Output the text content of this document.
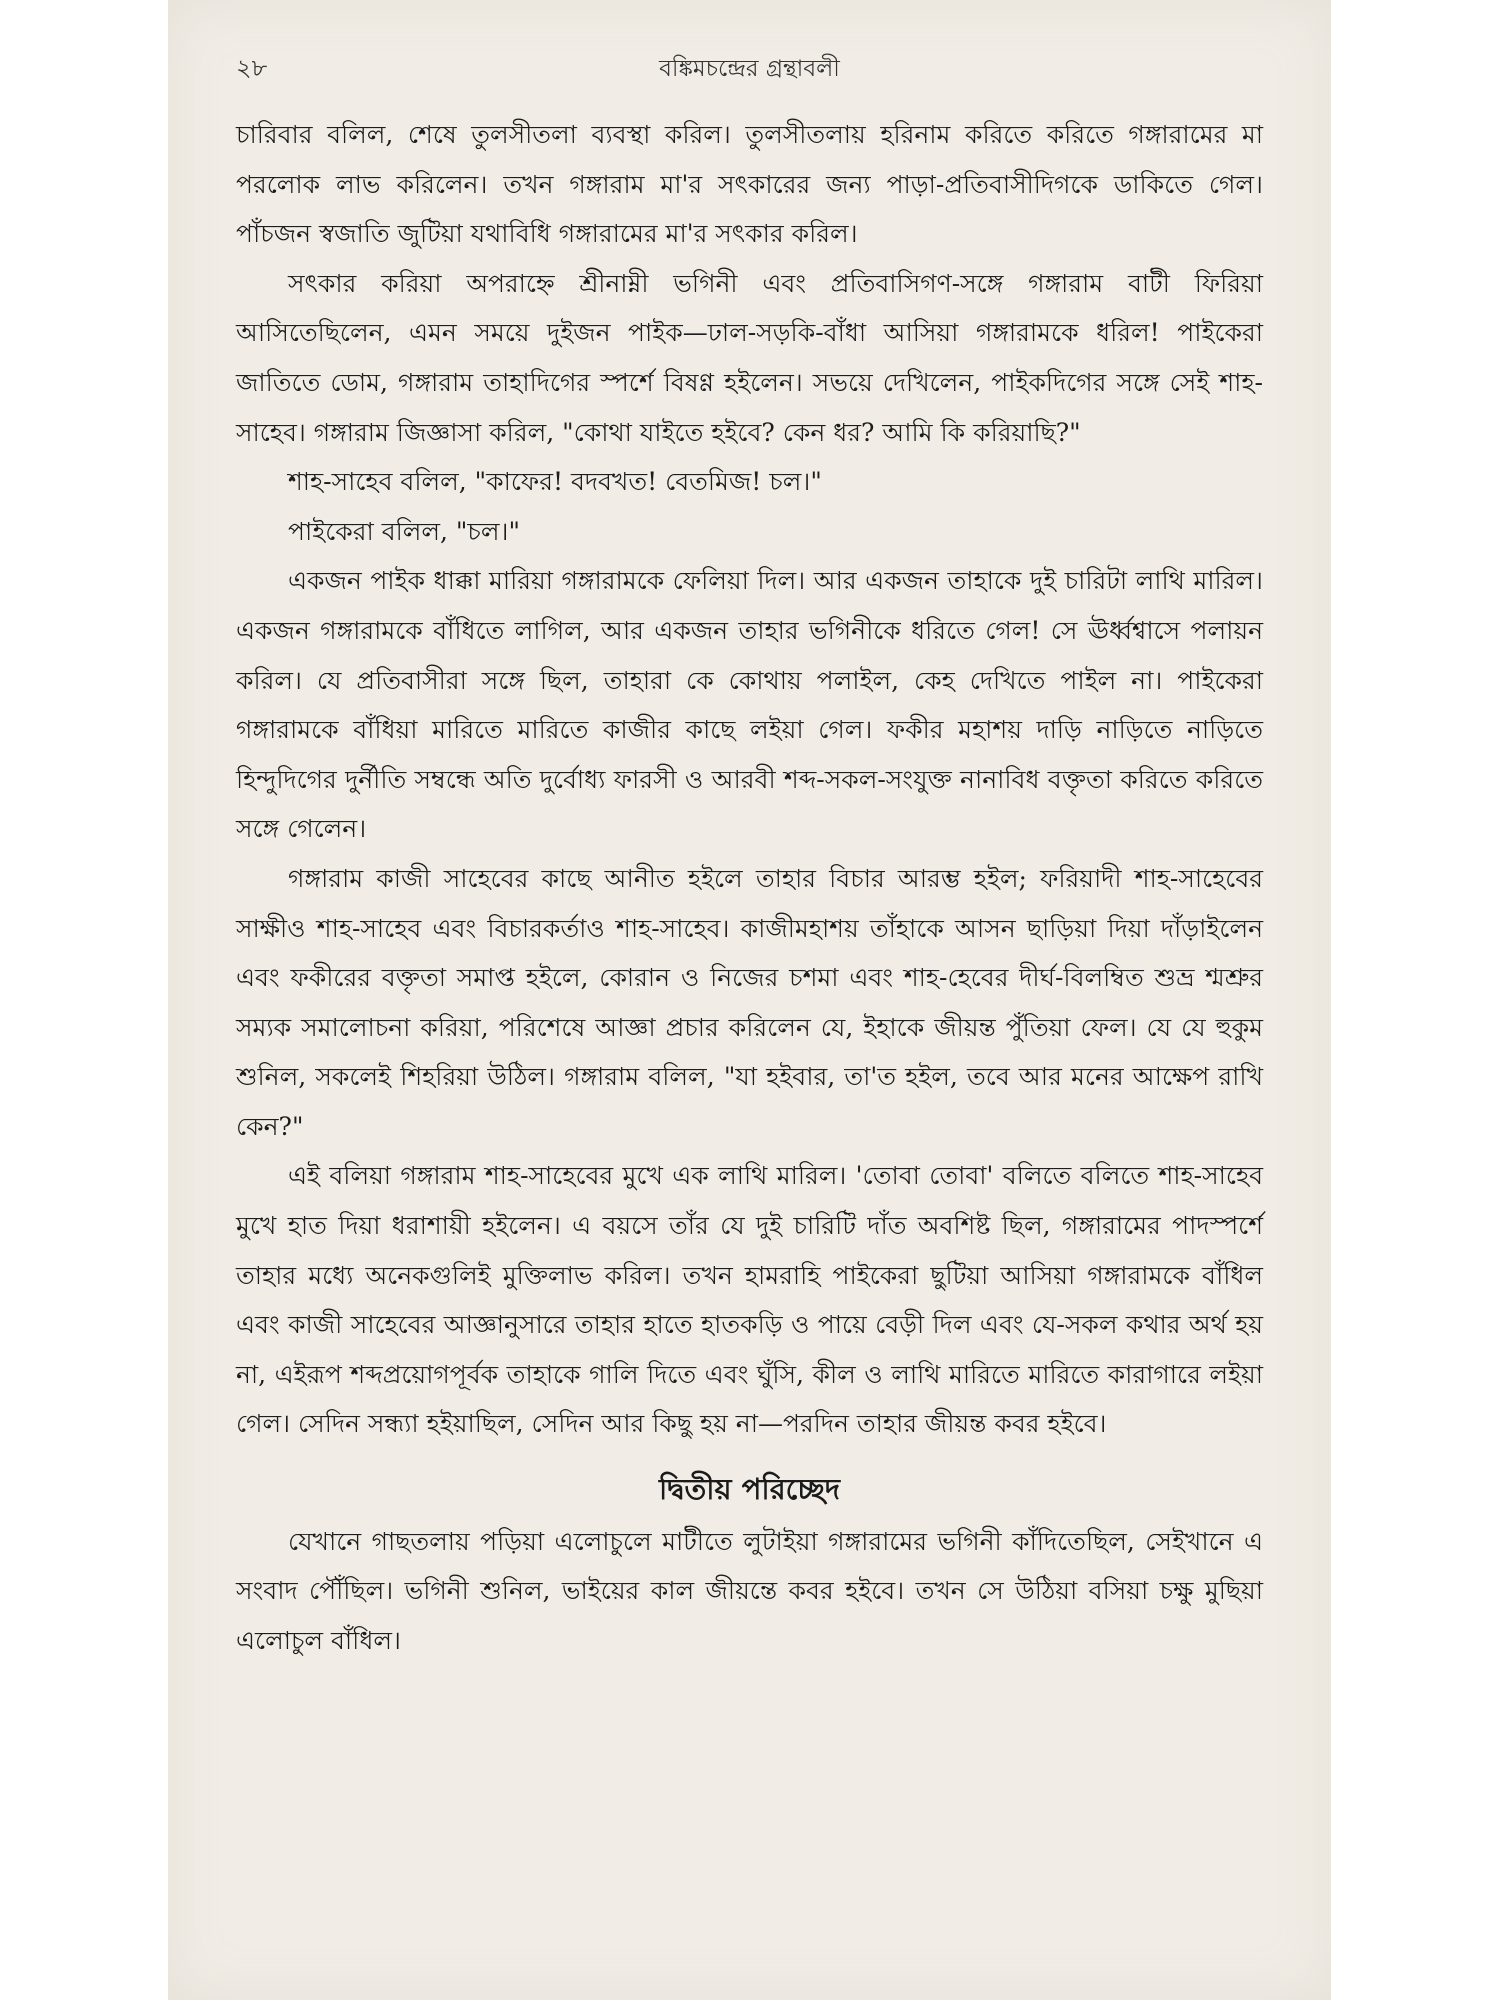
২৮	বঙ্কিমচন্দ্রের গ্রন্থাবলী

চারিবার বলিল, শেষে তুলসীতলা ব্যবস্থা করিল। তুলসীতলায় হরিনাম করিতে করিতে গঙ্গারামের মা পরলোক লাভ করিলেন। তখন গঙ্গারাম মা'র সৎকারের জন্য পাড়া-প্রতিবাসীদিগকে ডাকিতে গেল। পাঁচজন স্বজাতি জুটিয়া যথাবিধি গঙ্গারামের মা'র সৎকার করিল।

সৎকার করিয়া অপরাহ্নে শ্রীনাম্নী ভগিনী এবং প্রতিবাসিগণ-সঙ্গে গঙ্গারাম বাটী ফিরিয়া আসিতেছিলেন, এমন সময়ে দুইজন পাইক—ঢাল-সড়কি-বাঁধা আসিয়া গঙ্গারামকে ধরিল! পাইকেরা জাতিতে ডোম, গঙ্গারাম তাহাদিগের স্পর্শে বিষণ্ণ হইলেন। সভয়ে দেখিলেন, পাইকদিগের সঙ্গে সেই শাহ-সাহেব। গঙ্গারাম জিজ্ঞাসা করিল, "কোথা যাইতে হইবে? কেন ধর? আমি কি করিয়াছি?"

শাহ-সাহেব বলিল, "কাফের! বদবখত! বেতমিজ! চল।"

পাইকেরা বলিল, "চল।"

একজন পাইক ধাক্কা মারিয়া গঙ্গারামকে ফেলিয়া দিল। আর একজন তাহাকে দুই চারিটা লাথি মারিল। একজন গঙ্গারামকে বাঁধিতে লাগিল, আর একজন তাহার ভগিনীকে ধরিতে গেল! সে ঊর্ধ্বশ্বাসে পলায়ন করিল। যে প্রতিবাসীরা সঙ্গে ছিল, তাহারা কে কোথায় পলাইল, কেহ দেখিতে পাইল না। পাইকেরা গঙ্গারামকে বাঁধিয়া মারিতে মারিতে কাজীর কাছে লইয়া গেল। ফকীর মহাশয় দাড়ি নাড়িতে নাড়িতে হিন্দুদিগের দুর্নীতি সম্বন্ধে অতি দুর্বোধ্য ফারসী ও আরবী শব্দ-সকল-সংযুক্ত নানাবিধ বক্তৃতা করিতে করিতে সঙ্গে গেলেন।

গঙ্গারাম কাজী সাহেবের কাছে আনীত হইলে তাহার বিচার আরম্ভ হইল; ফরিয়াদী শাহ-সাহেবের সাক্ষীও শাহ-সাহেব এবং বিচারকর্তাও শাহ-সাহেব। কাজীমহাশয় তাঁহাকে আসন ছাড়িয়া দিয়া দাঁড়াইলেন এবং ফকীরের বক্তৃতা সমাপ্ত হইলে, কোরান ও নিজের চশমা এবং শাহ-হেবের দীর্ঘ-বিলম্বিত শুভ্র শ্মশ্রুর সম্যক সমালোচনা করিয়া, পরিশেষে আজ্ঞা প্রচার করিলেন যে, ইহাকে জীয়ন্ত পুঁতিয়া ফেল। যে যে হুকুম শুনিল, সকলেই শিহরিয়া উঠিল। গঙ্গারাম বলিল, "যা হইবার, তা'ত হইল, তবে আর মনের আক্ষেপ রাখি কেন?"

এই বলিয়া গঙ্গারাম শাহ-সাহেবের মুখে এক লাথি মারিল। 'তোবা তোবা' বলিতে বলিতে শাহ-সাহেব মুখে হাত দিয়া ধরাশায়ী হইলেন। এ বয়সে তাঁর যে দুই চারিটি দাঁত অবশিষ্ট ছিল, গঙ্গারামের পাদস্পর্শে তাহার মধ্যে অনেকগুলিই মুক্তিলাভ করিল। তখন হামরাহি পাইকেরা ছুটিয়া আসিয়া গঙ্গারামকে বাঁধিল এবং কাজী সাহেবের আজ্ঞানুসারে তাহার হাতে হাতকড়ি ও পায়ে বেড়ী দিল এবং যে-সকল কথার অর্থ হয় না, এইরূপ শব্দপ্রয়োগপূর্বক তাহাকে গালি দিতে এবং ঘুঁসি, কীল ও লাথি মারিতে মারিতে কারাগারে লইয়া গেল। সেদিন সন্ধ্যা হইয়াছিল, সেদিন আর কিছু হয় না—পরদিন তাহার জীয়ন্ত কবর হইবে।

দ্বিতীয় পরিচ্ছেদ

যেখানে গাছতলায় পড়িয়া এলোচুলে মাটীতে লুটাইয়া গঙ্গারামের ভগিনী কাঁদিতেছিল, সেইখানে এ সংবাদ পৌঁছিল। ভগিনী শুনিল, ভাইয়ের কাল জীয়ন্তে কবর হইবে। তখন সে উঠিয়া বসিয়া চক্ষু মুছিয়া এলোচুল বাঁধিল।
